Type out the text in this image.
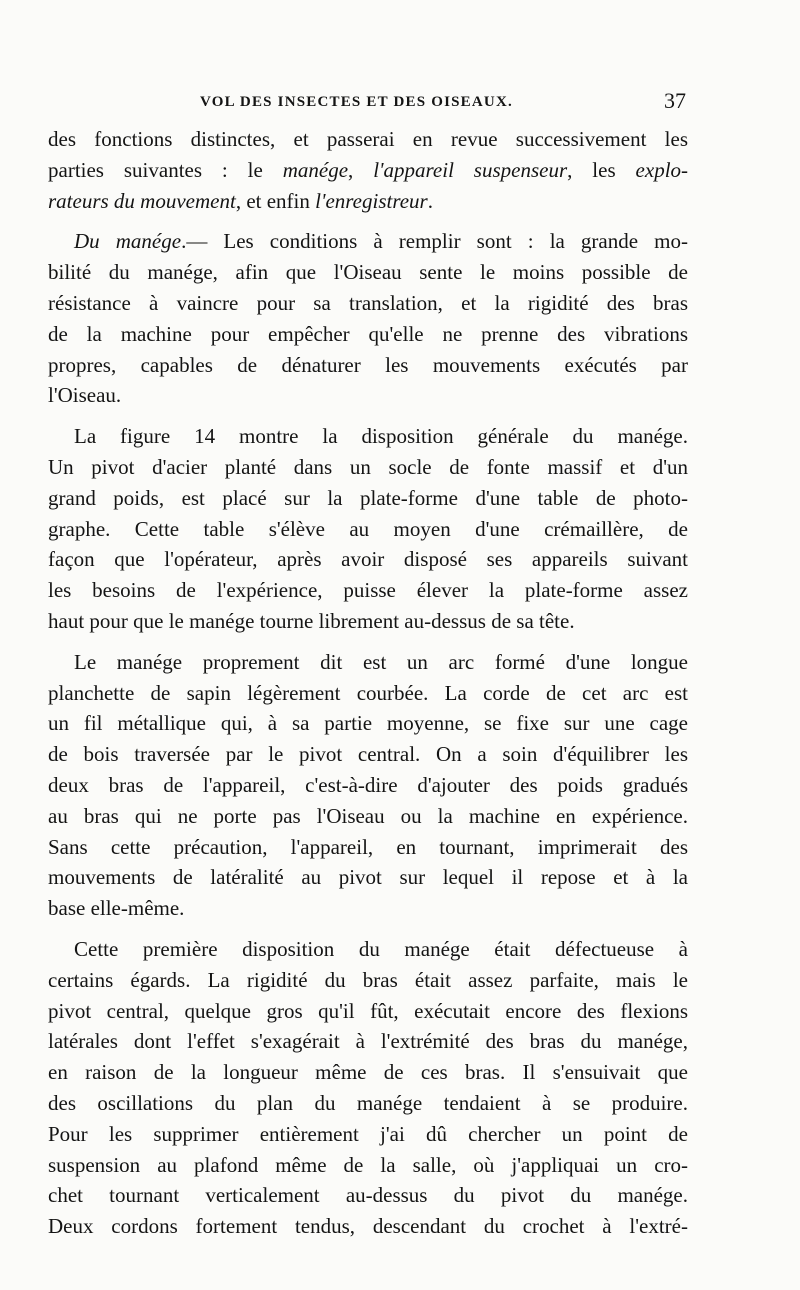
VOL DES INSECTES ET DES OISEAUX.	37
des fonctions distinctes, et passerai en revue successivement les
parties suivantes : le manége, l'appareil suspenseur, les explo-
rateurs du mouvement, et enfin l'enregistreur.
Du manége.— Les conditions à remplir sont : la grande mo-
bilité du manége, afin que l'Oiseau sente le moins possible de
résistance à vaincre pour sa translation, et la rigidité des bras
de la machine pour empêcher qu'elle ne prenne des vibrations
propres, capables de dénaturer les mouvements exécutés par
l'Oiseau.
La figure 14 montre la disposition générale du manége.
Un pivot d'acier planté dans un socle de fonte massif et d'un
grand poids, est placé sur la plate-forme d'une table de photo-
graphe. Cette table s'élève au moyen d'une crémaillère, de
façon que l'opérateur, après avoir disposé ses appareils suivant
les besoins de l'expérience, puisse élever la plate-forme assez
haut pour que le manége tourne librement au-dessus de sa tête.
Le manége proprement dit est un arc formé d'une longue
planchette de sapin légèrement courbée. La corde de cet arc est
un fil métallique qui, à sa partie moyenne, se fixe sur une cage
de bois traversée par le pivot central. On a soin d'équilibrer les
deux bras de l'appareil, c'est-à-dire d'ajouter des poids gradués
au bras qui ne porte pas l'Oiseau ou la machine en expérience.
Sans cette précaution, l'appareil, en tournant, imprimerait des
mouvements de latéralité au pivot sur lequel il repose et à la
base elle-même.
Cette première disposition du manége était défectueuse à
certains égards. La rigidité du bras était assez parfaite, mais le
pivot central, quelque gros qu'il fût, exécutait encore des flexions
latérales dont l'effet s'exagérait à l'extrémité des bras du manége,
en raison de la longueur même de ces bras. Il s'ensuivait que
des oscillations du plan du manége tendaient à se produire.
Pour les supprimer entièrement j'ai dû chercher un point de
suspension au plafond même de la salle, où j'appliquai un cro-
chet tournant verticalement au-dessus du pivot du manége.
Deux cordons fortement tendus, descendant du crochet à l'extré-
